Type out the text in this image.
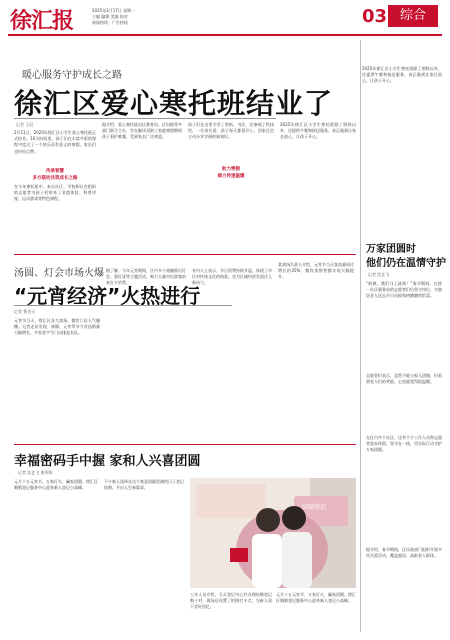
徐汇报	2025年2月17日 星期一
主编 编辑 美编 校对
新闻热线 · 广告热线	03 综合
暖心服务守护成长之路
徐汇区爱心寒托班结业了
记者 王辰
2月11日，2025年徐汇区小学生爱心寒托班正式结业。10天时间里，孩子们在丰富多彩的课程中度过了一个快乐而有意义的寒假，家长们也纷纷点赞。
传承智慧
多方联动共筑成长之路
在今年寒托班中，来自社区、学校和社会组织的志愿者为孩子们带来了非遗体验、科普讲座、运动游戏等特色课程。
据介绍，爱心寒托班由区教育局、区妇联等多部门联合主办，旨在解决双职工家庭寒假期间孩子看护难题，受到家长广泛欢迎。
孩子们在这里学会了剪纸、书法，还参观了科技馆，一位家长说：孩子每天都很开心，回家还会主动分享学到的新知识。
助力寒假
倾力传递温暖
2025年徐汇区小学生寒托班除了照料以外，还提供午餐和接送服务，真正做到让家长放心、让孩子开心。
2025年徐汇区小学生寒托班除了照料以外，还提供午餐和接送服务，真正做到让家长放心、让孩子开心。
汤圆、灯会市场火爆
“元宵经济”火热进行
记者 曹音天
元宵节当天，徐汇区各大商场、餐饮门店人气爆棚。记者走访发现，汤圆、元宵等节令食品销量大幅增长，多家老字号门店排起长队。
据了解，今年元宵期间，区内多个商圈推出灯会、猜灯谜等主题活动，吸引大量市民游客前来打卡消费。
业内人士表示，节日消费持续升温，体现了市民对传统文化的热爱，也为区域经济发展注入新动力。
某商场负责人介绍，元宵节当天客流量同比增长约35%，餐饮类销售额实现大幅提升。
万家团圆时
他们仍在温情守护
记者 沈艺飞
“阿姨，我们马上就到！”春节期间，长桥一社区服务站的志愿者们仍坚守岗位，为独居老人送去节日问候和热腾腾的饭菜。
志愿者们表示，虽然不能与家人团聚，但看到老人们的笑脸，心里就觉得很温暖。
在区内多个社区，还有不少工作人员和志愿者放弃休假，坚守在一线，用实际行动守护万家团圆。
据介绍，春节期间，区民政部门组织开展多项关爱活动，覆盖独居、高龄老人群体。
幸福密码手中握 家和人兴喜团圆
记者 沈艺飞 唐亚辉
元月十五元宵节，万家灯火，阖家团圆。徐汇区婚姻登记服务中心迎来新人登记小高峰。
不少新人选择在这个寓意团圆美满的日子登记结婚，开启人生新篇章。
结婚登记
工作人员介绍，当天登记中心共办理结婚登记数十对，现场还设置了拍照打卡点，为新人留下美好回忆。
元月十五元宵节，万家灯火，阖家团圆。徐汇区婚姻登记服务中心迎来新人登记小高峰。
